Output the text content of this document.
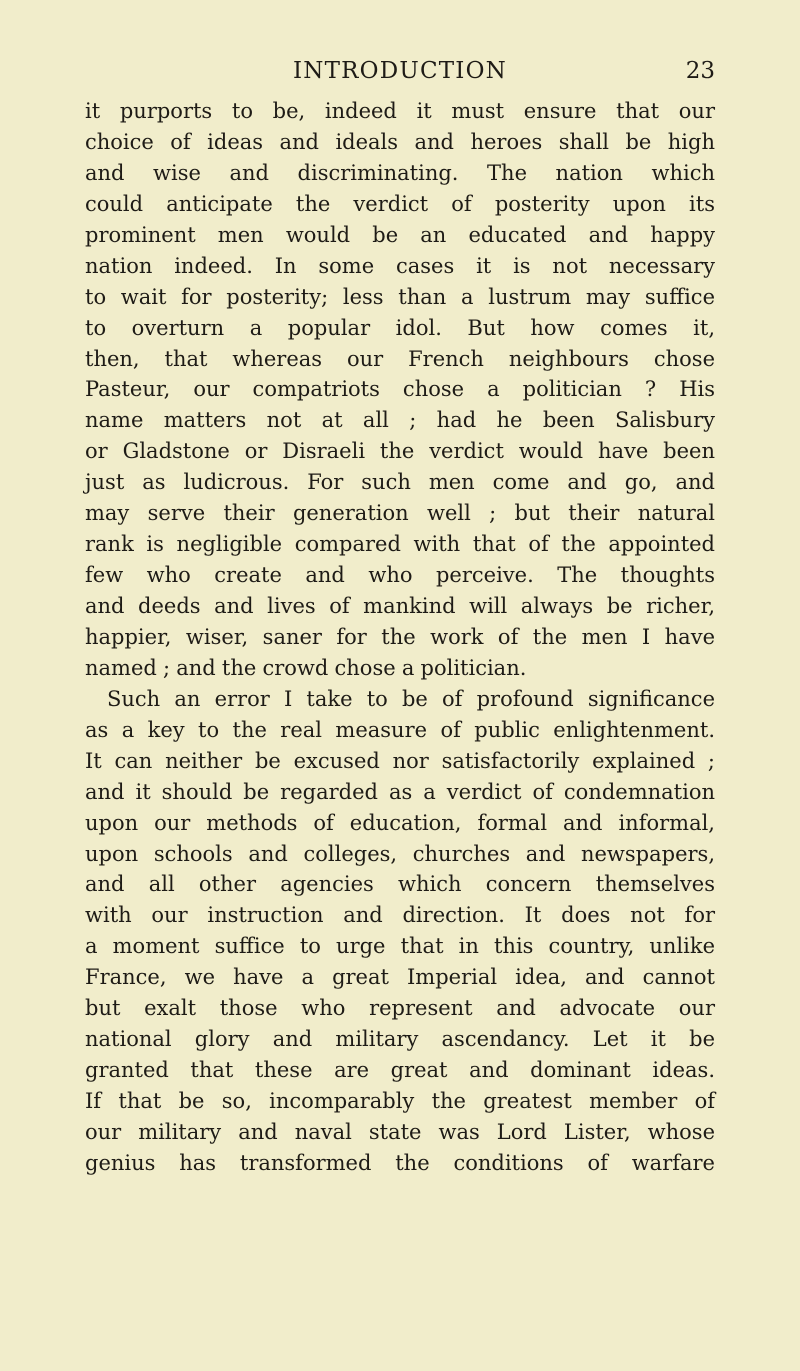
INTRODUCTION	23
it purports to be, indeed it must ensure that our
choice of ideas and ideals and heroes shall be high
and wise and discriminating. The nation which
could anticipate the verdict of posterity upon its
prominent men would be an educated and happy
nation indeed. In some cases it is not necessary
to wait for posterity; less than a lustrum may suffice
to overturn a popular idol. But how comes it,
then, that whereas our French neighbours chose
Pasteur, our compatriots chose a politician ? His
name matters not at all ; had he been Salisbury
or Gladstone or Disraeli the verdict would have been
just as ludicrous. For such men come and go, and
may serve their generation well ; but their natural
rank is negligible compared with that of the appointed
few who create and who perceive. The thoughts
and deeds and lives of mankind will always be richer,
happier, wiser, saner for the work of the men I have
named ; and the crowd chose a politician.
Such an error I take to be of profound significance
as a key to the real measure of public enlightenment.
It can neither be excused nor satisfactorily explained ;
and it should be regarded as a verdict of condemnation
upon our methods of education, formal and informal,
upon schools and colleges, churches and newspapers,
and all other agencies which concern themselves
with our instruction and direction. It does not for
a moment suffice to urge that in this country, unlike
France, we have a great Imperial idea, and cannot
but exalt those who represent and advocate our
national glory and military ascendancy. Let it be
granted that these are great and dominant ideas.
If that be so, incomparably the greatest member of
our military and naval state was Lord Lister, whose
genius has transformed the conditions of warfare
